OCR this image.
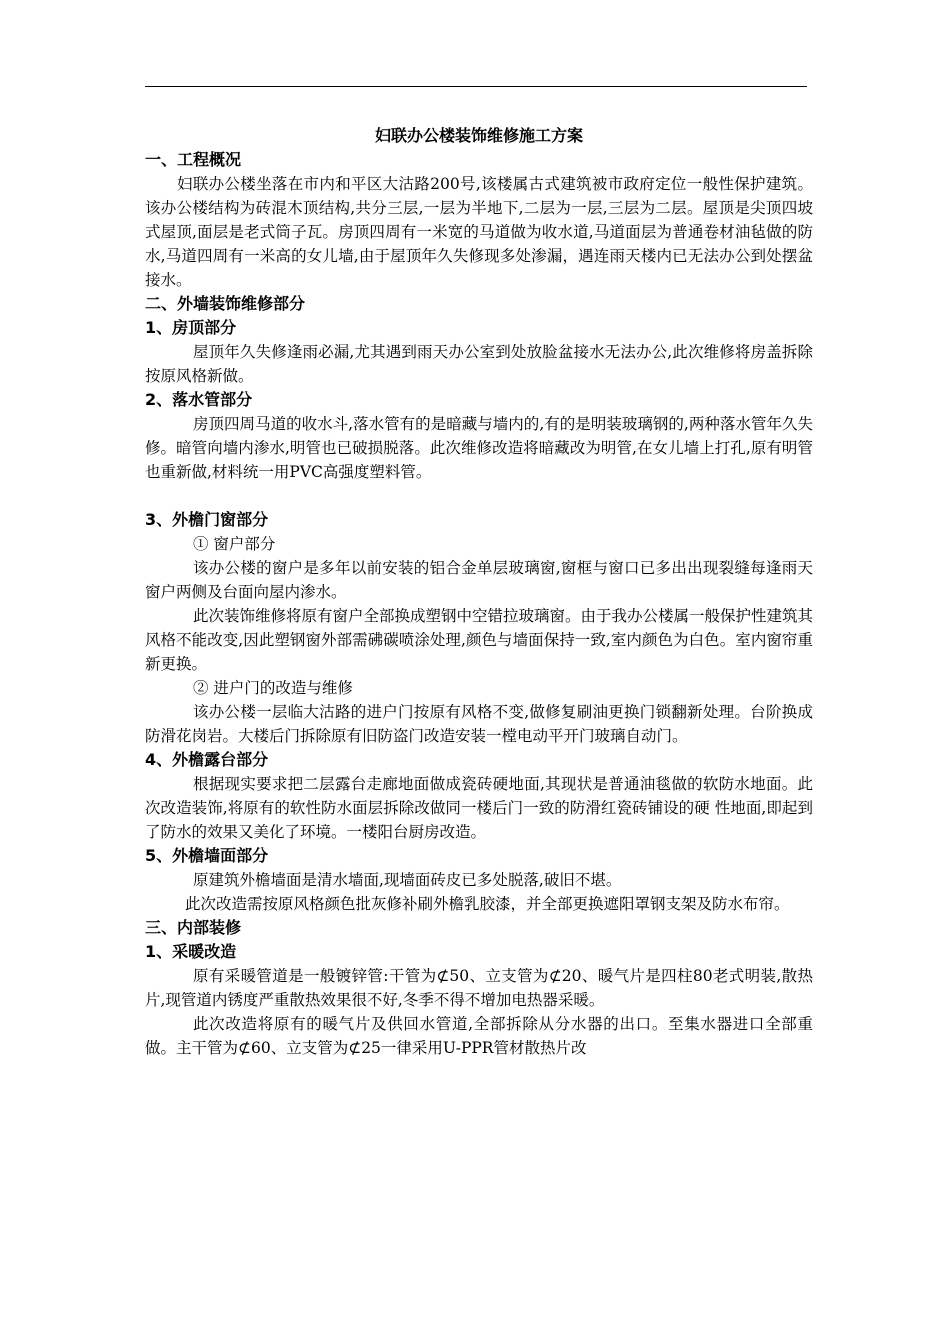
妇联办公楼装饰维修施工方案
一、工程概况
妇联办公楼坐落在市内和平区大沽路200号,该楼属古式建筑被市政府定位一般性保护建筑。该办公楼结构为砖混木顶结构,共分三层,一层为半地下,二层为一层,三层为二层。屋顶是尖顶四坡式屋顶,面层是老式筒子瓦。房顶四周有一米宽的马道做为收水道,马道面层为普通卷材油毡做的防水,马道四周有一米高的女儿墙,由于屋顶年久失修现多处渗漏，遇连雨天楼内已无法办公到处摆盆接水。
二、外墙装饰维修部分
1、房顶部分
屋顶年久失修逢雨必漏,尤其遇到雨天办公室到处放脸盆接水无法办公,此次维修将房盖拆除按原风格新做。
2、落水管部分
房顶四周马道的收水斗,落水管有的是暗藏与墙内的,有的是明装玻璃钢的,两种落水管年久失修。暗管向墙内渗水,明管也已破损脱落。此次维修改造将暗藏改为明管,在女儿墙上打孔,原有明管也重新做,材料统一用PVC高强度塑料管。
3、外檐门窗部分
① 窗户部分
该办公楼的窗户是多年以前安装的铝合金单层玻璃窗,窗框与窗口已多出出现裂缝每逢雨天窗户两侧及台面向屋内渗水。
此次装饰维修将原有窗户全部换成塑钢中空错拉玻璃窗。由于我办公楼属一般保护性建筑其风格不能改变,因此塑钢窗外部需砩碳喷涂处理,颜色与墙面保持一致,室内颜色为白色。室内窗帘重新更换。
② 进户门的改造与维修
该办公楼一层临大沽路的进户门按原有风格不变,做修复刷油更换门锁翻新处理。台阶换成防滑花岗岩。大楼后门拆除原有旧防盗门改造安装一樘电动平开门玻璃自动门。
4、外檐露台部分
根据现实要求把二层露台走廊地面做成瓷砖硬地面,其现状是普通油毯做的软防水地面。此次改造装饰,将原有的软性防水面层拆除改做同一楼后门一致的防滑红瓷砖铺设的硬 性地面,即起到了防水的效果又美化了环境。一楼阳台厨房改造。
5、外檐墙面部分
原建筑外檐墙面是清水墙面,现墙面砖皮已多处脱落,破旧不堪。
此次改造需按原风格颜色批灰修补刷外檐乳胶漆，并全部更换遮阳罩钢支架及防水布帘。
三、内部装修
1、采暖改造
原有采暖管道是一般镀锌管:干管为⊄50、立支管为⊄20、暖气片是四柱80老式明装,散热片,现管道内锈度严重散热效果很不好,冬季不得不增加电热器采暖。
此次改造将原有的暖气片及供回水管道,全部拆除从分水器的出口。至集水器进口全部重做。主干管为⊄60、立支管为⊄25一律采用U-PPR管材散热片改
